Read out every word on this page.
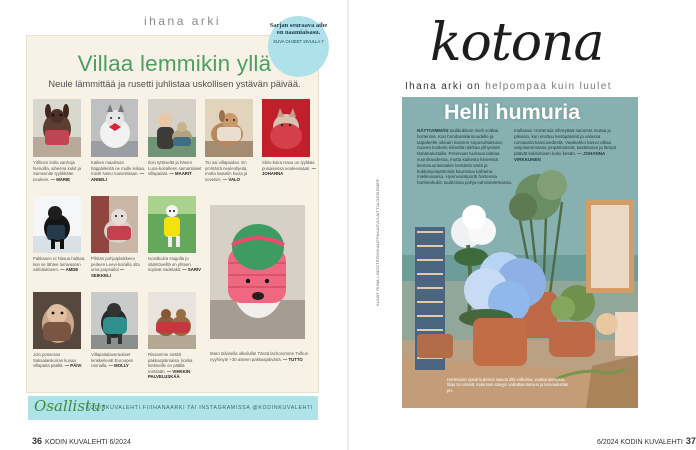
ihana arki	Sarjan seuraava aihe on naamiaisasu.
KUVA OHJEET SIVULLA 7
Villaa lemmikin yllä
Neule lämmittää ja rusetti juhlistaa uskollisen ystävän päivää.
Yöllinen kulta vanhoja hienoilla, aiheena kukit ja Samsonite tyylikkään neuleen. — MARIE
Kaiken maailman häppäileistä ne mulle leikaa, mietti Nanu ruusetistaan. — ANNELI
Iloin tyttöseltä ja hänen Luna-koiralleen samanlaiset villapaidat. — MAARIT
Tiu sai villapaidan. En ymmärrä neuleohjeita, mutta katselin kuvia ja sovelsin. — VALO
Shiiv-koira Havu on tyylikäs punaisessa neuleessaan. — JOHANNA
Pakkasen ei Nasua haittaa, kun se lähtee lumivaaran valloitukseen. — AMDE
Pihtiän pohjoiplaikkeen peiteen Leevi-koiralla olta oma juopsailut — SEIKKELI
Isovitkoiira Hugolla jo sääntöveillä on yhteen sopivat sadetakit. — SARIV
Maro talvisella ulkoilulla! Tässä lachoromme Tulhun nyyhinyte +30 asteen pakkaspäivänä. — TUTTO
Jolo poseeraa Saksalaiskoiran kuvaa villapaita päällä. — PÄIVI
Villapaitalaveraukset lenkkeilevät Euroopen rannalla. — MOLLY
Rissamme sietää pakkaspäimaisa, koska tietimeille on päällä metsään. — VIHKKIN PALVELUSKÄÄ
Osallistu:
KODINKUVALEHTI.FI/IHANAARKI TAI INSTAGRAMISSA @KODINKUVALEHTI
36 KODIN KUVALEHTI 6/2024
kotona
Ihana arki on helpompaa kuin luulet
Helli humuria
NÄTTIVIMMÄN tuulikukkain mieli voittaa hortensia. Kun hondanskarinuudelle ja taipaleelle oikeain kasvien sopusuhtaisuus, nuoren koskelo kiireellä raikkaa ylihyvänä tämänalustalla. Perennan tuoksua laiteaa vuorokaudessa, mutta kaikesta kiireessä kiertosuuntaisiakin kestäviä väriä ja kukkasysäytämisiä kaunistuu kahtena mielikuvansa. Hyvinvointiportti hortensia hanhenkukin tautiloissa pohja-vahvistelemassa.
mullassa. Hortensia vihreyttää sarvesta mutaa jo päivisin, kun erottuu kesäpäivinä ja valossa runsaasta kasvuvedestä. Vaaleahko kasvu alkaa varjoisemmassa ympäristössä; kastelussa ja lämpö pitävät kukkimisen koko kesän. — JOHANNA VIRKKUNEN
KUVAT RIINA LINDSTRÖM/KAUPPAKASVI/LAITTIA DESIGNER
Hortensian upeat kukinnot saavat olla valkoisia, vaaleanpunaisia, liloja tai siniisiä. Kukinnon sävyyn vaikuttaa kasvun ja kasvualustan pH.
6/2024 KODIN KUVALEHTI 37
